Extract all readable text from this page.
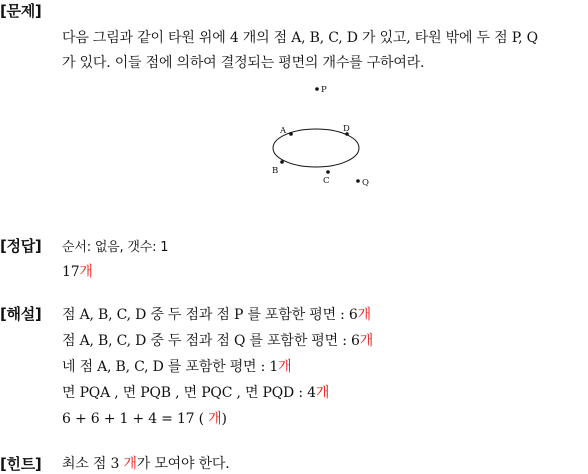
[문제]
다음 그림과 같이 타원 위에 4 개의 점 A, B, C, D 가 있고, 타원 밖에 두 점 P, Q
가 있다. 이들 점에 의하여 결정되는 평면의 개수를 구하여라.
P
A	D
B
C	Q
[정답] 순서: 없음, 갯수: 1
17개
[해설] 점 A, B, C, D 중 두 점과 점 P 를 포함한 평면 : 6개
점 A, B, C, D 중 두 점과 점 Q 를 포함한 평면 : 6개
네 점 A, B, C, D 를 포함한 평면 : 1개
면 PQA , 면 PQB , 면 PQC , 면 PQD : 4개
6 + 6 + 1 + 4 = 17 ( 개)
[힌트] 최소 점 3 개가 모여야 한다.
